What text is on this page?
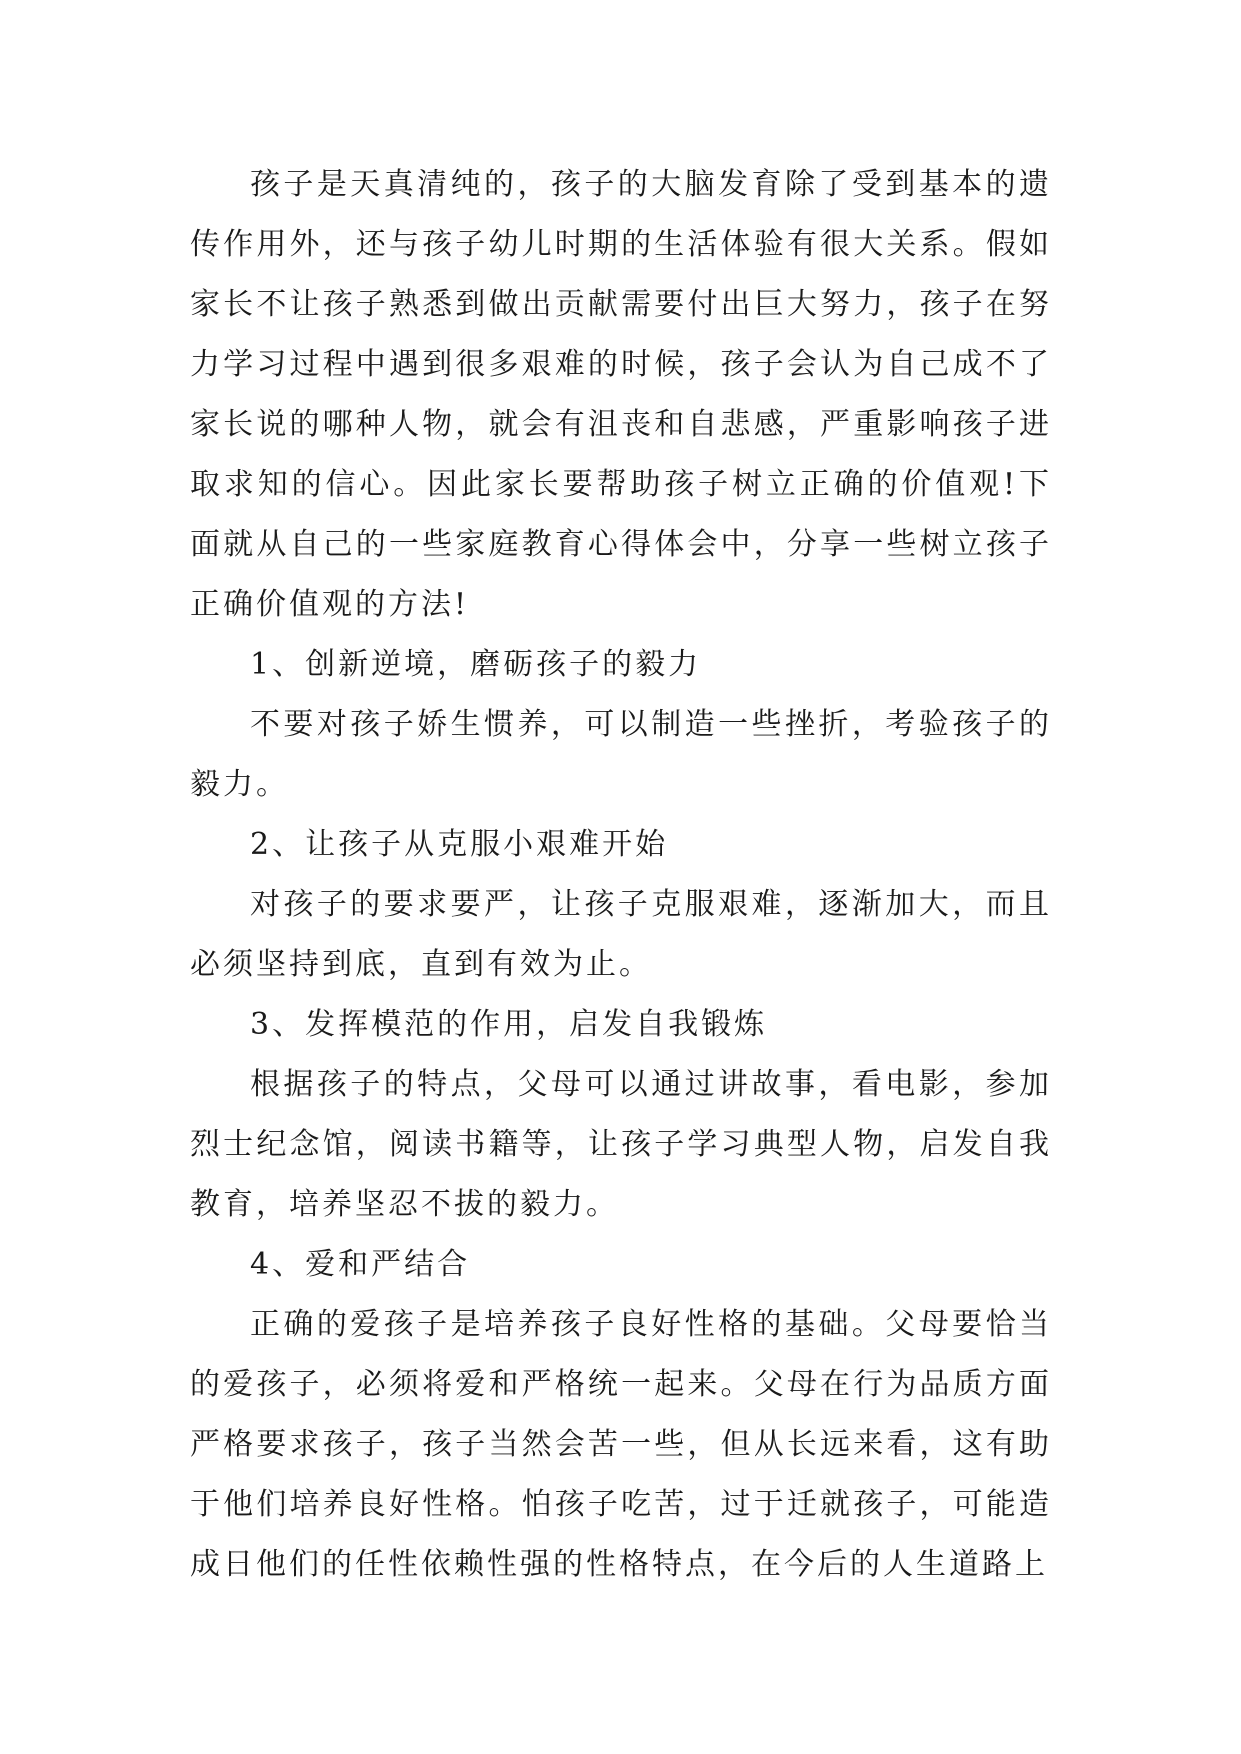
孩子是天真清纯的，孩子的大脑发育除了受到基本的遗传作用外，还与孩子幼儿时期的生活体验有很大关系。假如家长不让孩子熟悉到做出贡献需要付出巨大努力，孩子在努力学习过程中遇到很多艰难的时候，孩子会认为自己成不了家长说的哪种人物，就会有沮丧和自悲感，严重影响孩子进取求知的信心。因此家长要帮助孩子树立正确的价值观!下面就从自己的一些家庭教育心得体会中，分享一些树立孩子正确价值观的方法!

1、创新逆境，磨砺孩子的毅力

不要对孩子娇生惯养，可以制造一些挫折，考验孩子的毅力。

2、让孩子从克服小艰难开始

对孩子的要求要严，让孩子克服艰难，逐渐加大，而且必须坚持到底，直到有效为止。

3、发挥模范的作用，启发自我锻炼

根据孩子的特点，父母可以通过讲故事，看电影，参加烈士纪念馆，阅读书籍等，让孩子学习典型人物，启发自我教育，培养坚忍不拔的毅力。

4、爱和严结合

正确的爱孩子是培养孩子良好性格的基础。父母要恰当的爱孩子，必须将爱和严格统一起来。父母在行为品质方面严格要求孩子，孩子当然会苦一些，但从长远来看，这有助于他们培养良好性格。怕孩子吃苦，过于迁就孩子，可能造成日他们的任性依赖性强的性格特点，在今后的人生道路上
